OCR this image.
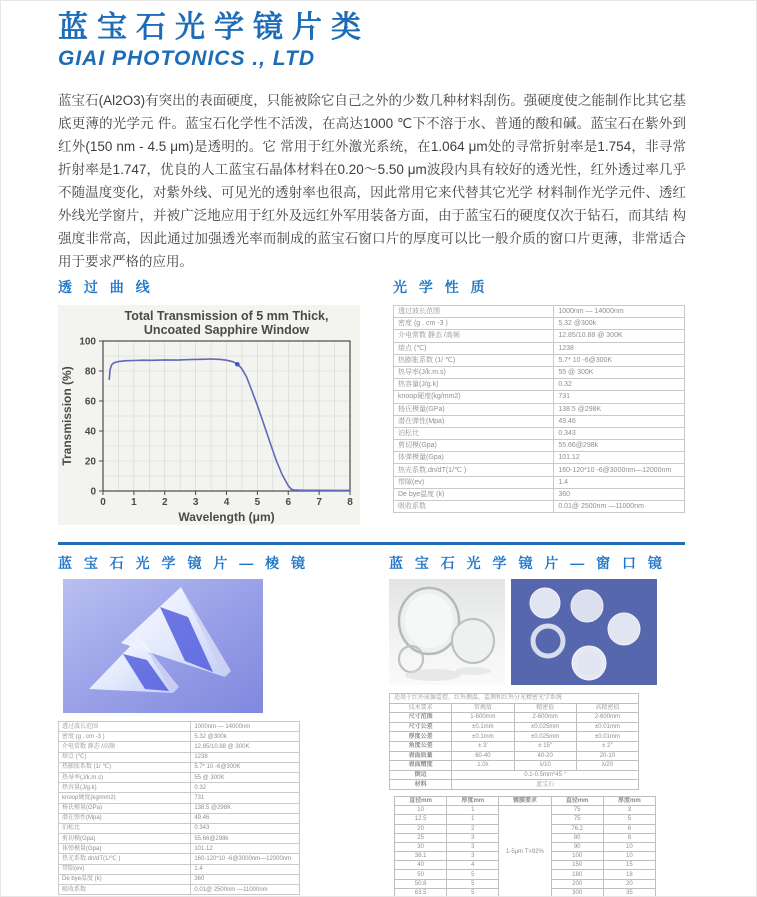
蓝宝石光学镜片类
GIAI PHOTONICS ., LTD

蓝宝石(Al2O3)有突出的表面硬度，只能被除它自己之外的少数几种材料刮伤。强硬度使之能制作比其它基底更薄的光学元 件。蓝宝石化学性不活泼，在高达1000 ℃下不溶于水、普通的酸和碱。蓝宝石在紫外到红外(150 nm - 4.5 μm)是透明的。它 常用于红外激光系统，在1.064 μm处的寻常折射率是1.754，非寻常折射率是1.747，优良的人工蓝宝石晶体材料在0.20～5.50 μm波段内具有较好的透光性，红外透过率几乎不随温度变化，对紫外线、可见光的透射率也很高，因此常用它来代替其它光学 材料制作光学元件、透红外线光学窗片，并被广泛地应用于红外及远红外军用装备方面，由于蓝宝石的硬度仅次于钻石，而其结 构强度非常高，因此通过加强透光率而制成的蓝宝石窗口片的厚度可以比一般介质的窗口片更薄，非常适合用于要求严格的应用。

透 过 曲 线
0	1	2	3	4	5	6	7	8
0
20
40
60
80
100
Total Transmission of 5 mm Thick,
Uncoated Sapphire Window
Wavelength (μm)
Transmission (%)
光 学 性 质
透过波长范围	1000nm — 14000nm
密度 (g . cm -3 )	5.32 @300k
介电常数 静态 /高频	12.85/10.88 @ 300K
熔点 (℃)	1238
热膨胀系数 (1/ ℃)	5.7* 10 -6@300K
热导率(J/k.m.s)	55 @ 300K
热容量(J/g.k)	0.32
knoop硬度(kg/mm2)	731
杨氏模量(GPa)	138.5 @298K
潜在弹性(Mpa)	49.46
泊松比	0.343
剪切模(Gpa)	55.66@298k
体弹模量(Gpa)	101.12
热光系数.dn/dT(1/℃ )	160-120*10 -6@3000nm—12000nm
带隙(ev)	1.4
De bye温度 (k)	360
吸收系数	0.01@ 2500nm —11000nm
蓝 宝 石 光 学 镜 片 — 棱 镜
透过波长范围	1000nm — 14000nm
密度 (g . cm -3 )	5.32 @300k
介电常数 静态 /高频	12.85/10.88 @ 300K
熔点 (℃)	1238
热膨胀系数 (1/ ℃)	5.7* 10 -6@300K
热导率(J/k.m.s)	55 @ 300K
热容量(J/g.k)	0.32
knoop硬度(kg/mm2)	731
杨氏模量(GPa)	138.5 @298K
潜在弹性(Mpa)	49.46
泊松比	0.343
剪切模(Gpa)	55.66@298k
体弹模量(Gpa)	101.12
热光系数.dn/dT(1/℃ )	160-120*10 -6@3000nm—12000nm
带隙(ev)	1.4
De bye温度 (k)	360
吸收系数	0.01@ 2500nm —11000nm
蓝 宝 石 光 学 镜 片 — 窗 口 镜
适用于红外成像监控、红外测温、监测和红外分光精密光学系统			
技术要求	常规值	精密值	高精密值
尺寸范围	1-600mm	2-600mm	2-600mm
尺寸公差	±0.1mm	±0.025mm	±0.01mm
厚度公差	±0.1mm	±0.025mm	±0.01mm
角度公差	± 3′	± 15″	± 2″
表面质量	60-40	40-20	20-10
表面精度	1.0λ	λ/10	λ/20
倒边	0.1-0.5mm*45 °		
材料	蓝宝石		
直径mm	厚度mm	镀膜要求	直径mm	厚度mm
10	1	1-5μm T>92%	75	3
12.5	1		75	5
20	2		76.2	6
25	3		80	8
30	3		90	10
38.1	3		100	10
40	4		150	15
50	5		180	18
50.8	5		200	20
63.5	5		300	35
